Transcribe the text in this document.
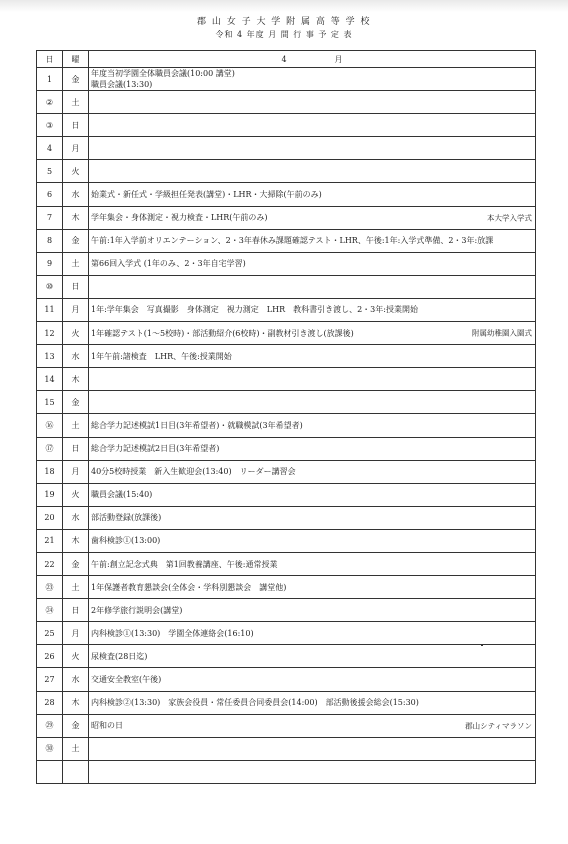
郡 山 女 子 大 学 附 属 高 等 学 校
令和 4 年度 月 間 行 事 予 定 表
日	曜	4　　　　　　月
1	金	年度当初学園全体職員会議(10:00 講堂)
職員会議(13:30)

②	土	
③	日	
4	月	
5	火	
6	水	始業式・新任式・学級担任発表(講堂)・LHR・大掃除(午前のみ)

7	木	学年集会・身体測定・視力検査・LHR(午前のみ) 本大学入学式

8	金	午前:1年入学前オリエンテーション、2・3年春休み課題確認テスト・LHR、午後:1年:入学式準備、2・3年:放課

9	土	第66回入学式 (1年のみ、2・3年自宅学習)

⑩	日	
11	月	1年:学年集会　写真撮影　身体測定　視力測定　LHR　教科書引き渡し、2・3年:授業開始

12	火	1年確認テスト(1～5校時)・部活動紹介(6校時)・副教材引き渡し(放課後) 附属幼稚園入園式

13	水	1年午前:諸検査　LHR、午後:授業開始

14	木	
15	金	
⑯	土	総合学力記述模試1日目(3年希望者)・就職模試(3年希望者)

⑰	日	総合学力記述模試2日目(3年希望者)

18	月	40分5校時授業　新入生歓迎会(13:40)　リーダー講習会

19	火	職員会議(15:40)

20	水	部活動登録(放課後)

21	木	歯科検診①(13:00)

22	金	午前:創立記念式典　第1回教養講座、午後:通常授業

㉓	土	1年保護者教育懇談会(全体会・学科別懇談会　講堂他)

㉔	日	2年修学旅行説明会(講堂)

25	月	内科検診①(13:30)　学園全体連絡会(16:10)

26	火	尿検査(28日迄)

27	水	交通安全教室(午後)

28	木	内科検診②(13:30)　家族会役員・常任委員合同委員会(14:00)　部活動後援会総会(15:30)

㉙	金	昭和の日 郡山シティマラソン

㉚	土	
